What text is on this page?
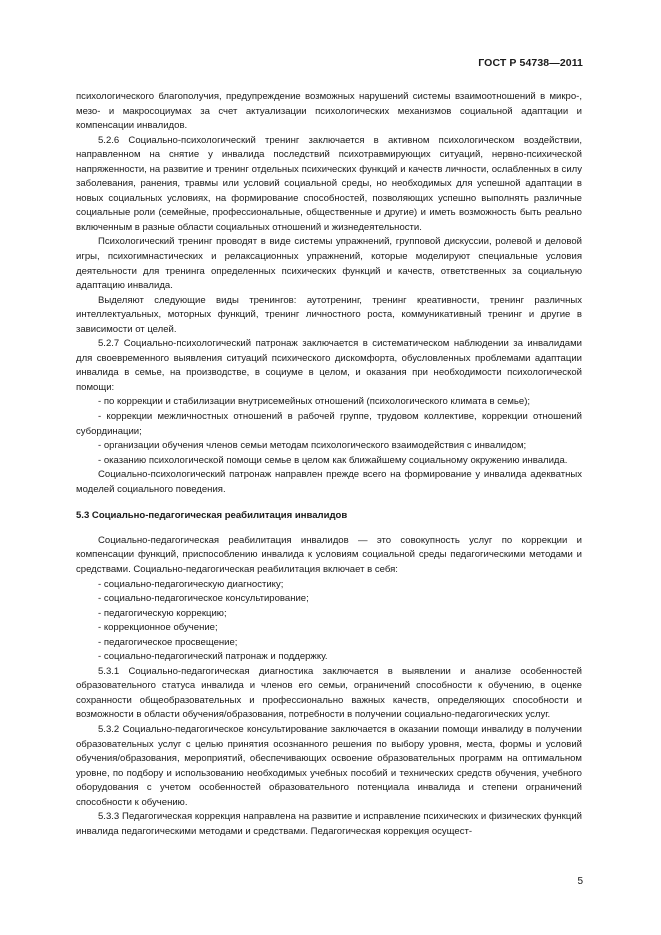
ГОСТ Р 54738—2011

психологического благополучия, предупреждение возможных нарушений системы взаимоотношений в микро-, мезо- и макросоциумах за счет актуализации психологических механизмов социальной адаптации и компенсации инвалидов.

5.2.6 Социально-психологический тренинг заключается в активном психологическом воздействии, направленном на снятие у инвалида последствий психотравмирующих ситуаций, нервно-психической напряженности, на развитие и тренинг отдельных психических функций и качеств личности, ослабленных в силу заболевания, ранения, травмы или условий социальной среды, но необходимых для успешной адаптации в новых социальных условиях, на формирование способностей, позволяющих успешно выполнять различные социальные роли (семейные, профессиональные, общественные и другие) и иметь возможность быть реально включенным в разные области социальных отношений и жизнедеятельности.

Психологический тренинг проводят в виде системы упражнений, групповой дискуссии, ролевой и деловой игры, психогимнастических и релаксационных упражнений, которые моделируют специальные условия деятельности для тренинга определенных психических функций и качеств, ответственных за социальную адаптацию инвалида.

Выделяют следующие виды тренингов: аутотренинг, тренинг креативности, тренинг различных интеллектуальных, моторных функций, тренинг личностного роста, коммуникативный тренинг и другие в зависимости от целей.

5.2.7 Социально-психологический патронаж заключается в систематическом наблюдении за инвалидами для своевременного выявления ситуаций психического дискомфорта, обусловленных проблемами адаптации инвалида в семье, на производстве, в социуме в целом, и оказания при необходимости психологической помощи:

- по коррекции и стабилизации внутрисемейных отношений (психологического климата в семье);

- коррекции межличностных отношений в рабочей группе, трудовом коллективе, коррекции отношений субординации;

- организации обучения членов семьи методам психологического взаимодействия с инвалидом;

- оказанию психологической помощи семье в целом как ближайшему социальному окружению инвалида.

Социально-психологический патронаж направлен прежде всего на формирование у инвалида адекватных моделей социального поведения.

5.3 Социально-педагогическая реабилитация инвалидов

Социально-педагогическая реабилитация инвалидов — это совокупность услуг по коррекции и компенсации функций, приспособлению инвалида к условиям социальной среды педагогическими методами и средствами. Социально-педагогическая реабилитация включает в себя:

- социально-педагогическую диагностику;

- социально-педагогическое консультирование;

- педагогическую коррекцию;

- коррекционное обучение;

- педагогическое просвещение;

- социально-педагогический патронаж и поддержку.

5.3.1 Социально-педагогическая диагностика заключается в выявлении и анализе особенностей образовательного статуса инвалида и членов его семьи, ограничений способности к обучению, в оценке сохранности общеобразовательных и профессионально важных качеств, определяющих способности и возможности в области обучения/образования, потребности в получении социально-педагогических услуг.

5.3.2 Социально-педагогическое консультирование заключается в оказании помощи инвалиду в получении образовательных услуг с целью принятия осознанного решения по выбору уровня, места, формы и условий обучения/образования, мероприятий, обеспечивающих освоение образовательных программ на оптимальном уровне, по подбору и использованию необходимых учебных пособий и технических средств обучения, учебного оборудования с учетом особенностей образовательного потенциала инвалида и степени ограничений способности к обучению.

5.3.3 Педагогическая коррекция направлена на развитие и исправление психических и физических функций инвалида педагогическими методами и средствами. Педагогическая коррекция осущест-

5
